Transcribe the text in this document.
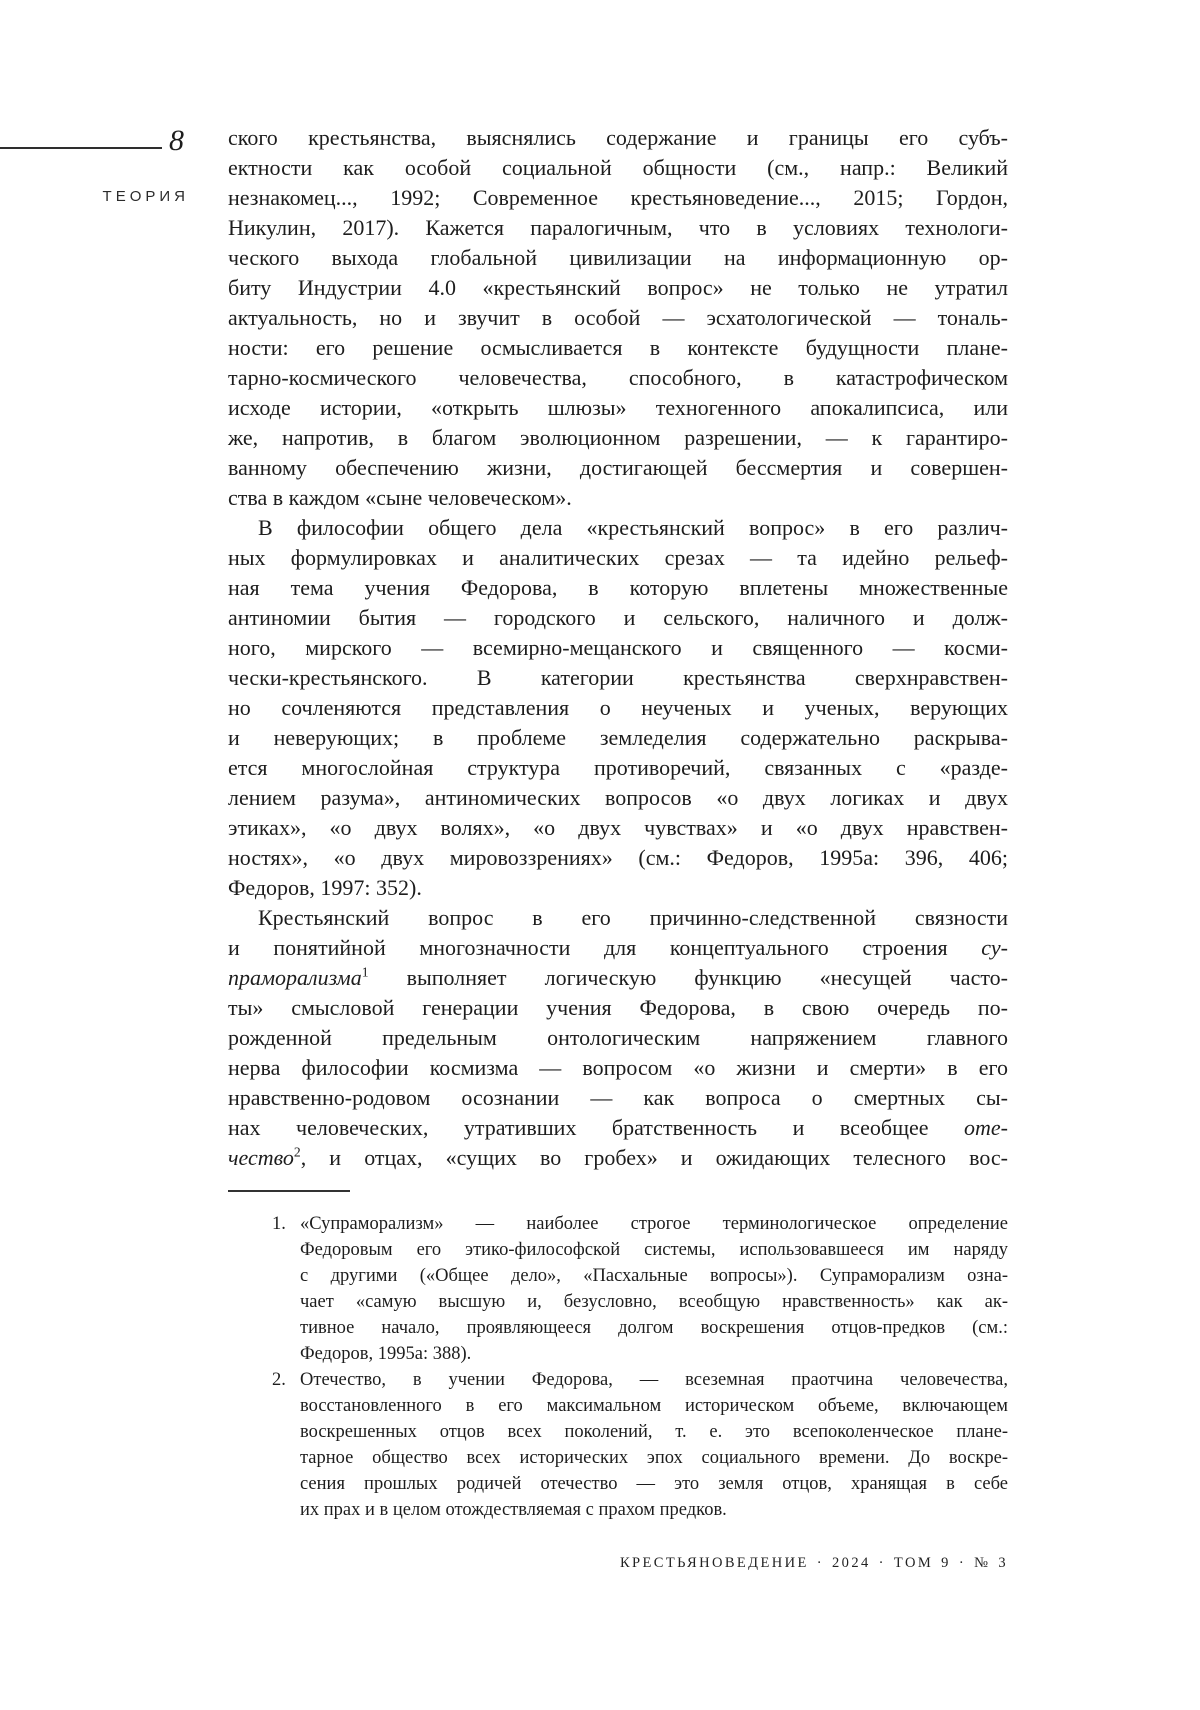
8
ТЕОРИЯ
ского крестьянства, выяснялись содержание и границы его субъ-
ектности как особой социальной общности (см., напр.: Великий
незнакомец..., 1992; Современное крестьяноведение..., 2015; Гордон,
Никулин, 2017). Кажется паралогичным, что в условиях технологи-
ческого выхода глобальной цивилизации на информационную ор-
биту Индустрии 4.0 «крестьянский вопрос» не только не утратил
актуальность, но и звучит в особой — эсхатологической — тональ-
ности: его решение осмысливается в контексте будущности плане-
тарно-космического человечества, способного, в катастрофическом
исходе истории, «открыть шлюзы» техногенного апокалипсиса, или
же, напротив, в благом эволюционном разрешении, — к гарантиро-
ванному обеспечению жизни, достигающей бессмертия и совершен-
ства в каждом «сыне человеческом».
В философии общего дела «крестьянский вопрос» в его различ-
ных формулировках и аналитических срезах — та идейно рельеф-
ная тема учения Федорова, в которую вплетены множественные
антиномии бытия — городского и сельского, наличного и долж-
ного, мирского — всемирно-мещанского и священного — косми-
чески-крестьянского. В категории крестьянства сверхнравствен-
но сочленяются представления о неученых и ученых, верующих
и неверующих; в проблеме земледелия содержательно раскрыва-
ется многослойная структура противоречий, связанных с «разде-
лением разума», антиномических вопросов «о двух логиках и двух
этиках», «о двух волях», «о двух чувствах» и «о двух нравствен-
ностях», «о двух мировоззрениях» (см.: Федоров, 1995а: 396, 406;
Федоров, 1997: 352).
Крестьянский вопрос в его причинно-следственной связности
и понятийной многозначности для концептуального строения су-
праморализма$^1$ выполняет логическую функцию «несущей часто-
ты» смысловой генерации учения Федорова, в свою очередь по-
рожденной предельным онтологическим напряжением главного
нерва философии космизма — вопросом «о жизни и смерти» в его
нравственно-родовом осознании — как вопроса о смертных сы-
нах человеческих, утративших братственность и всеобщее оте-
чество$^2$, и отцах, «сущих во гробех» и ожидающих телесного вос-
1. «Супраморализм» — наиболее строгое терминологическое определение
Федоровым его этико-философской системы, использовавшееся им наряду
с другими («Общее дело», «Пасхальные вопросы»). Супраморализм озна-
чает «самую высшую и, безусловно, всеобщую нравственность» как ак-
тивное начало, проявляющееся долгом воскрешения отцов-предков (см.:
Федоров, 1995а: 388).
2. Отечество, в учении Федорова, — всеземная праотчина человечества,
восстановленного в его максимальном историческом объеме, включающем
воскрешенных отцов всех поколений, т. е. это всепоколенческое плане-
тарное общество всех исторических эпох социального времени. До воскре-
сения прошлых родичей отечество — это земля отцов, хранящая в себе
их прах и в целом отождествляемая с прахом предков.
КРЕСТЬЯНОВЕДЕНИЕ · 2024 · ТОМ 9 · № 3
